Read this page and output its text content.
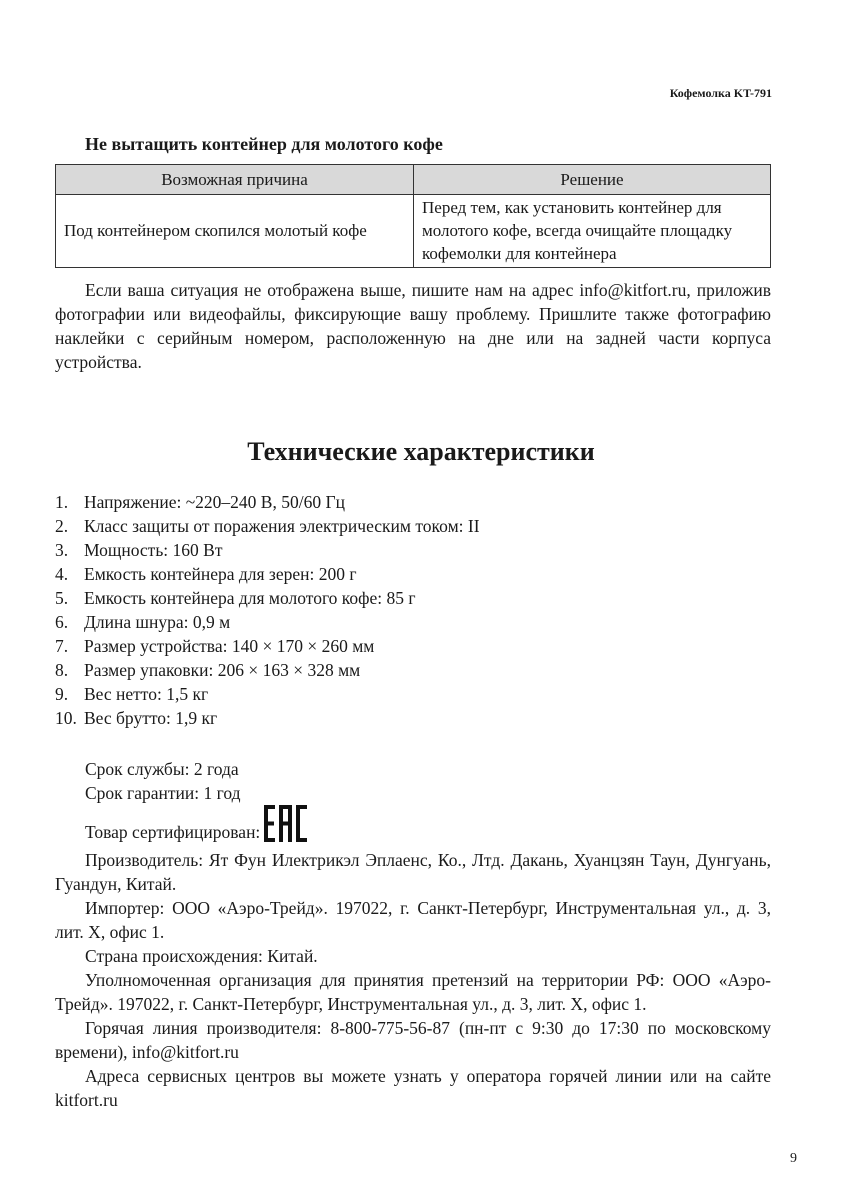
Кофемолка KT-791
Не вытащить контейнер для молотого кофе
Возможная причина	Решение
Под контейнером скопился молотый кофе	Перед тем, как установить контейнер для молотого кофе, всегда очищайте площадку кофемолки для контейнера
Если ваша ситуация не отображена выше, пишите нам на адрес info@kitfort.ru, приложив фотографии или видеофайлы, фиксирующие вашу проблему. Пришлите также фотографию наклейки с серийным номером, расположенную на дне или на задней части корпуса устройства.
Технические характеристики
1. Напряжение: ~220–240 В, 50/60 Гц
2. Класс защиты от поражения электрическим током: II
3. Мощность: 160 Вт
4. Емкость контейнера для зерен: 200 г
5. Емкость контейнера для молотого кофе: 85 г
6. Длина шнура: 0,9 м
7. Размер устройства: 140 × 170 × 260 мм
8. Размер упаковки: 206 × 163 × 328 мм
9. Вес нетто: 1,5 кг
10. Вес брутто: 1,9 кг
Срок службы: 2 года
Срок гарантии: 1 год
Товар сертифицирован:

Производитель: Ят Фун Илектрикэл Эплаенс, Ко., Лтд. Дакань, Хуанцзян Таун, Дунгуань, Гуандун, Китай.

Импортер: ООО «Аэро-Трейд». 197022, г. Санкт-Петербург, Инструментальная ул., д. 3, лит. Х, офис 1.

Страна происхождения: Китай.

Уполномоченная организация для принятия претензий на территории РФ: ООО «Аэро-Трейд». 197022, г. Санкт-Петербург, Инструментальная ул., д. 3, лит. Х, офис 1.

Горячая линия производителя: 8-800-775-56-87 (пн-пт с 9:30 до 17:30 по московскому времени), info@kitfort.ru

Адреса сервисных центров вы можете узнать у оператора горячей линии или на сайте kitfort.ru

9
